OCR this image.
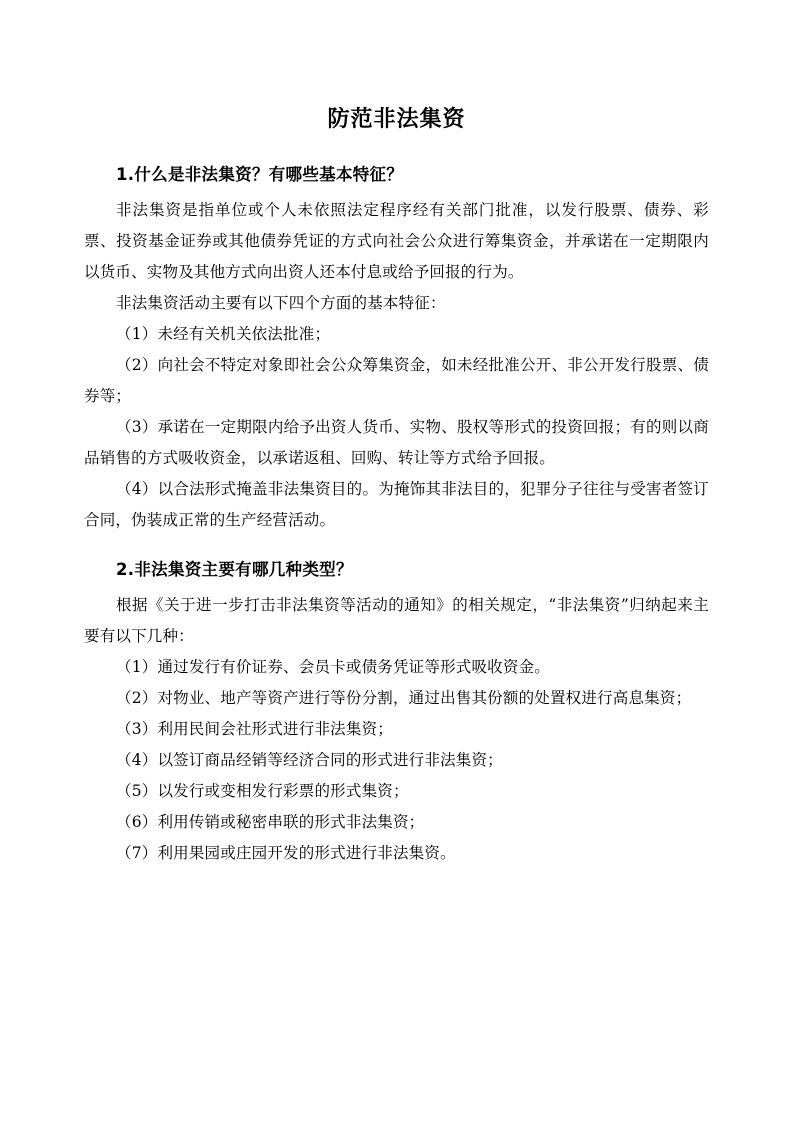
防范非法集资
1.什么是非法集资？有哪些基本特征？

非法集资是指单位或个人未依照法定程序经有关部门批准，以发行股票、债券、彩票、投资基金证券或其他债券凭证的方式向社会公众进行筹集资金，并承诺在一定期限内以货币、实物及其他方式向出资人还本付息或给予回报的行为。

非法集资活动主要有以下四个方面的基本特征：

（1）未经有关机关依法批准；

（2）向社会不特定对象即社会公众筹集资金，如未经批准公开、非公开发行股票、债券等；

（3）承诺在一定期限内给予出资人货币、实物、股权等形式的投资回报；有的则以商品销售的方式吸收资金，以承诺返租、回购、转让等方式给予回报。

（4）以合法形式掩盖非法集资目的。为掩饰其非法目的，犯罪分子往往与受害者签订合同，伪装成正常的生产经营活动。

2.非法集资主要有哪几种类型？

根据《关于进一步打击非法集资等活动的通知》的相关规定，“非法集资”归纳起来主要有以下几种：

（1）通过发行有价证券、会员卡或债务凭证等形式吸收资金。

（2）对物业、地产等资产进行等份分割，通过出售其份额的处置权进行高息集资；

（3）利用民间会社形式进行非法集资；

（4）以签订商品经销等经济合同的形式进行非法集资；

（5）以发行或变相发行彩票的形式集资；

（6）利用传销或秘密串联的形式非法集资；

（7）利用果园或庄园开发的形式进行非法集资。
